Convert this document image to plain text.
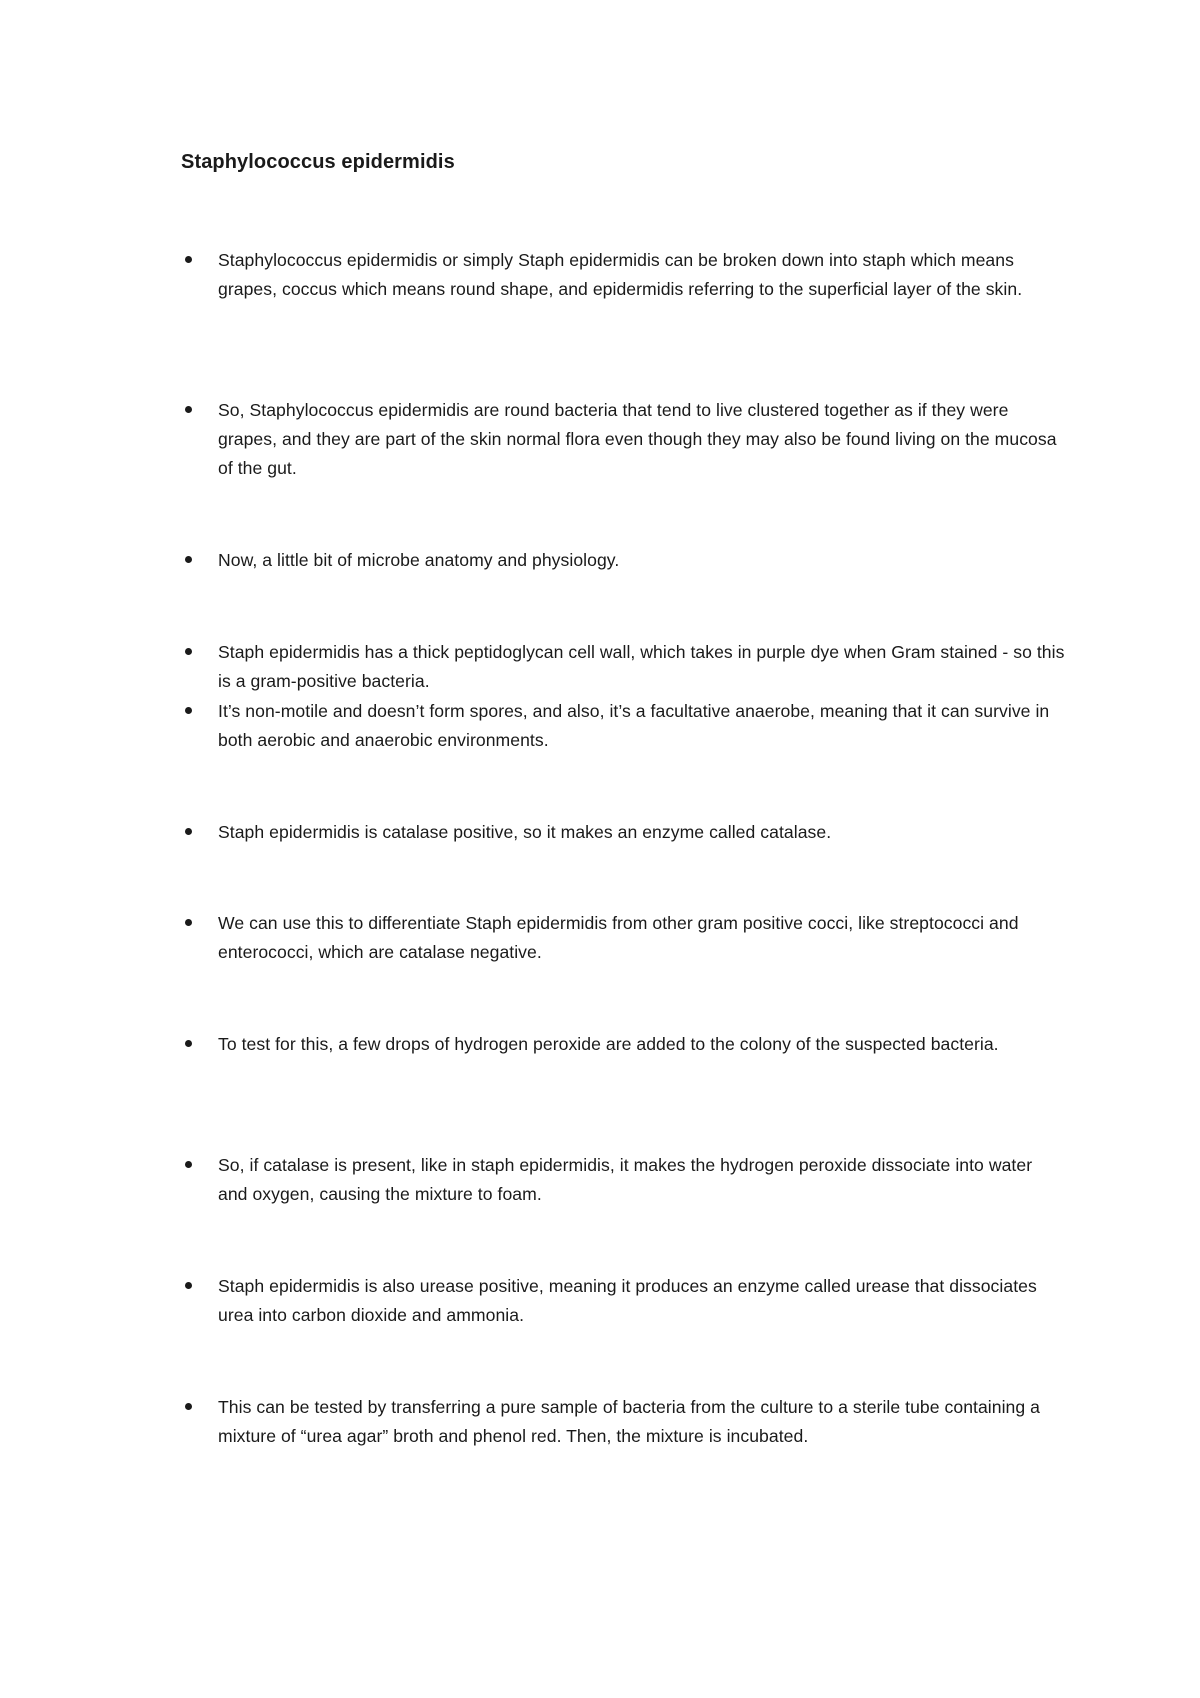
Staphylococcus epidermidis

Staphylococcus epidermidis or simply Staph epidermidis can be broken down into staph which means grapes, coccus which means round shape, and epidermidis referring to the superficial layer of the skin.

So, Staphylococcus epidermidis are round bacteria that tend to live clustered together as if they were grapes, and they are part of the skin normal flora even though they may also be found living on the mucosa of the gut.

Now, a little bit of microbe anatomy and physiology.

Staph epidermidis has a thick peptidoglycan cell wall, which takes in purple dye when Gram stained - so this is a gram-positive bacteria.

It’s non-motile and doesn’t form spores, and also, it’s a facultative anaerobe, meaning that it can survive in both aerobic and anaerobic environments.

Staph epidermidis is catalase positive, so it makes an enzyme called catalase.

We can use this to differentiate Staph epidermidis from other gram positive cocci, like streptococci and enterococci, which are catalase negative.

To test for this, a few drops of hydrogen peroxide are added to the colony of the suspected bacteria.

So, if catalase is present, like in staph epidermidis, it makes the hydrogen peroxide dissociate into water and oxygen, causing the mixture to foam.

Staph epidermidis is also urease positive, meaning it produces an enzyme called urease that dissociates urea into carbon dioxide and ammonia.

This can be tested by transferring a pure sample of bacteria from the culture to a sterile tube containing a mixture of “urea agar” broth and phenol red. Then, the mixture is incubated.
